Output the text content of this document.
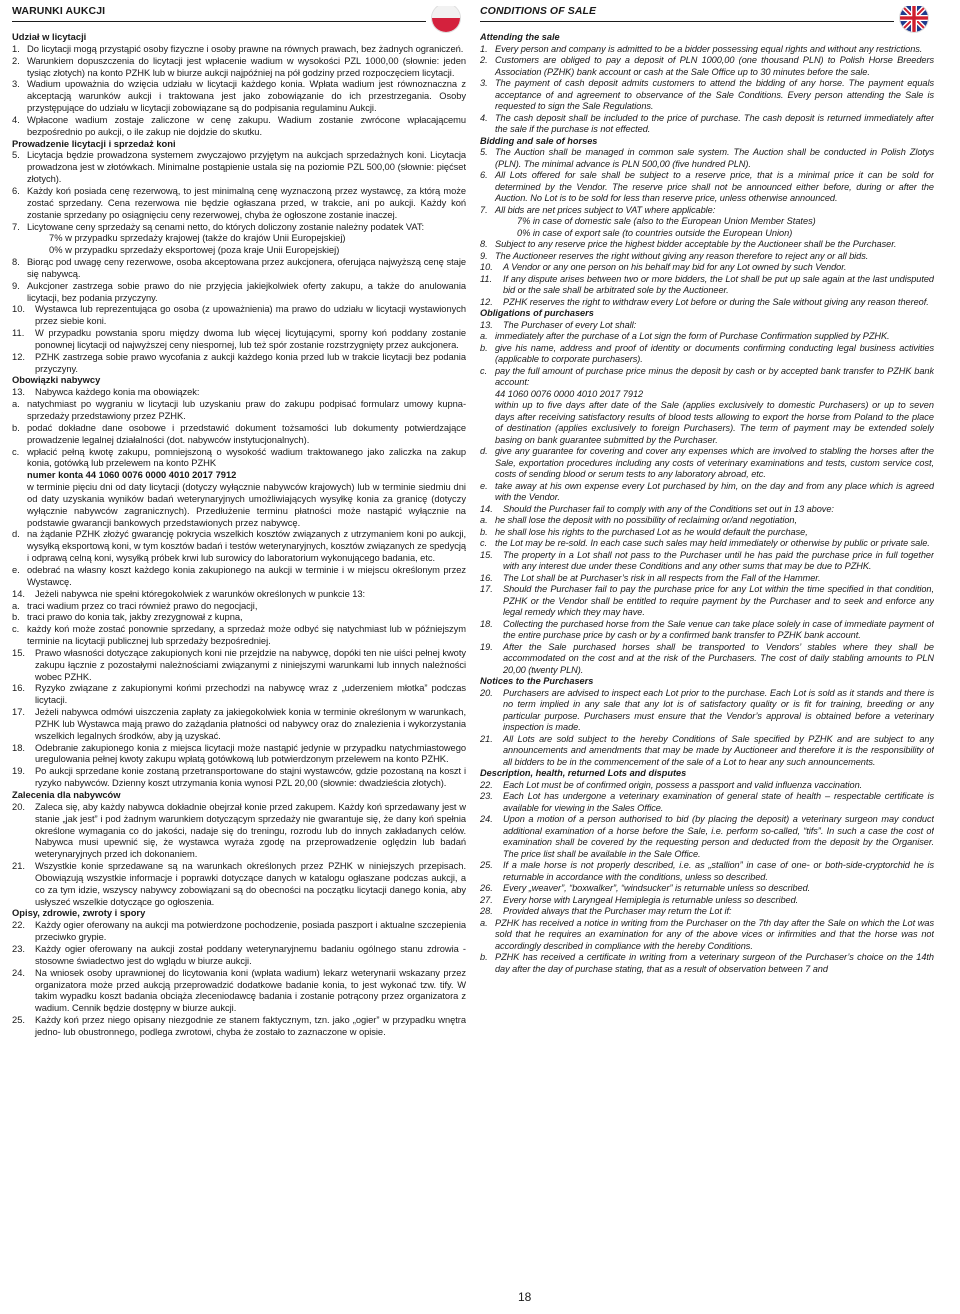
WARUNKI AUKCJI

Udział w licytacji

1. Do licytacji mogą przystąpić osoby fizyczne i osoby prawne na równych prawach, bez żadnych ograniczeń.
2. Warunkiem dopuszczenia do licytacji jest wpłacenie wadium w wysokości PZL 1000,00 (słownie: jeden tysiąc złotych) na konto PZHK lub w biurze aukcji najpóźniej na pół godziny przed rozpoczęciem licytacji.
3. Wadium upoważnia do wzięcia udziału w licytacji każdego konia. Wpłata wadium jest równoznaczna z akceptacją warunków aukcji i traktowana jest jako zobowiązanie do ich przestrzegania. Osoby przystępujące do udziału w licytacji zobowiązane są do podpisania regulaminu Aukcji.
4. Wpłacone wadium zostaje zaliczone w cenę zakupu. Wadium zostanie zwrócone wpłacającemu bezpośrednio po aukcji, o ile zakup nie dojdzie do skutku.

Prowadzenie licytacji i sprzedaż koni

5. Licytacja będzie prowadzona systemem zwyczajowo przyjętym na aukcjach sprzedażnych koni. Licytacja prowadzona jest w złotówkach. Minimalne postąpienie ustala się na poziomie PZL 500,00 (słownie: pięćset złotych).
6. Każdy koń posiada cenę rezerwową, to jest minimalną cenę wyznaczoną przez wystawcę, za którą może zostać sprzedany. Cena rezerwowa nie będzie ogłaszana przed, w trakcie, ani po aukcji. Każdy koń zostanie sprzedany po osiągnięciu ceny rezerwowej, chyba że ogłoszone zostanie inaczej.
7. Licytowane ceny sprzedaży są cenami netto, do których doliczony zostanie należny podatek VAT:

7% w przypadku sprzedaży krajowej (także do krajów Unii Europejskiej)

0% w przypadku sprzedaży eksportowej (poza kraje Unii Europejskiej)

8. Biorąc pod uwagę ceny rezerwowe, osoba akceptowana przez aukcjonera, oferująca najwyższą cenę staje się nabywcą.
9. Aukcjoner zastrzega sobie prawo do nie przyjęcia jakiejkolwiek oferty zakupu, a także do anulowania licytacji, bez podania przyczyny.
10.	Wystawca lub reprezentująca go osoba (z upoważnienia) ma prawo do udziału w licytacji wystawionych przez siebie koni.
11.	W przypadku powstania sporu między dwoma lub więcej licytującymi, sporny koń poddany zostanie ponownej licytacji od najwyższej ceny niespornej, lub też spór zostanie rozstrzygnięty przez aukcjonera.
12.	PZHK zastrzega sobie prawo wycofania z aukcji każdego konia przed lub w trakcie licytacji bez podania przyczyny.

Obowiązki nabywcy

13.	Nabywca każdego konia ma obowiązek:
a. natychmiast po wygraniu w licytacji lub uzyskaniu praw do zakupu podpisać formularz umowy kupna-sprzedaży przedstawiony przez PZHK.
b. podać dokładne dane osobowe i przedstawić dokument tożsamości lub dokumenty potwierdzające prowadzenie legalnej działalności (dot. nabywców instytucjonalnych).
c. wpłacić pełną kwotę zakupu, pomniejszoną o wysokość wadium traktowanego jako zaliczka na zakup konia, gotówką lub przelewem na konto PZHK

numer konta 44 1060 0076 0000 4010 2017 7912

w terminie pięciu dni od daty licytacji (dotyczy wyłącznie nabywców krajowych) lub w terminie siedmiu dni od daty uzyskania wyników badań weterynaryjnych umożliwiających wysyłkę konia za granicę (dotyczy wyłącznie nabywców zagranicznych). Przedłużenie terminu płatności może nastąpić wyłącznie na podstawie gwarancji bankowych przedstawionych przez nabywcę.

d. na żądanie PZHK złożyć gwarancję pokrycia wszelkich kosztów związanych z utrzymaniem koni po aukcji, wysyłką eksportową koni, w tym kosztów badań i testów weterynaryjnych, kosztów związanych ze spedycją i odprawą celną koni, wysyłką próbek krwi lub surowicy do laboratorium wykonującego badania, etc.
e. odebrać na własny koszt każdego konia zakupionego na aukcji w terminie i w miejscu określonym przez Wystawcę.
14.	Jeżeli nabywca nie spełni któregokolwiek z warunków określonych w punkcie 13:
a. traci wadium przez co traci również prawo do negocjacji,
b. traci prawo do konia tak, jakby zrezygnował z kupna,
c. każdy koń może zostać ponownie sprzedany, a sprzedaż może odbyć się natychmiast lub w późniejszym terminie na licytacji publicznej lub sprzedaży bezpośredniej.
15.	Prawo własności dotyczące zakupionych koni nie przejdzie na nabywcę, dopóki ten nie uiści pełnej kwoty zakupu łącznie z pozostałymi należnościami związanymi z niniejszymi warunkami lub innych należności wobec PZHK.
16.	Ryzyko związane z zakupionymi końmi przechodzi na nabywcę wraz z „uderzeniem młotka” podczas licytacji.
17.	Jeżeli nabywca odmówi uiszczenia zapłaty za jakiegokolwiek konia w terminie określonym w warunkach, PZHK lub Wystawca mają prawo do zażądania płatności od nabywcy oraz do znalezienia i wykorzystania wszelkich legalnych środków, aby ją uzyskać.
18.	Odebranie zakupionego konia z miejsca licytacji może nastąpić jedynie w przypadku natychmiastowego uregulowania pełnej kwoty zakupu wpłatą gotówkową lub potwierdzonym przelewem na konto PZHK.
19.	Po aukcji sprzedane konie zostaną przetransportowane do stajni wystawców, gdzie pozostaną na koszt i ryzyko nabywców. Dzienny koszt utrzymania konia wynosi PZL 20,00 (słownie: dwadzieścia złotych).

Zalecenia dla nabywców

20.	Zaleca się, aby każdy nabywca dokładnie obejrzał konie przed zakupem. Każdy koń sprzedawany jest w stanie „jak jest” i pod żadnym warunkiem dotyczącym sprzedaży nie gwarantuje się, że dany koń spełnia określone wymagania co do jakości, nadaje się do treningu, rozrodu lub do innych zakładanych celów. Nabywca musi upewnić się, że wystawca wyraża zgodę na przeprowadzenie oględzin lub badań weterynaryjnych przed ich dokonaniem.
21.	Wszystkie konie sprzedawane są na warunkach określonych przez PZHK w niniejszych przepisach. Obowiązują wszystkie informacje i poprawki dotyczące danych w katalogu ogłaszane podczas aukcji, a co za tym idzie, wszyscy nabywcy zobowiązani są do obecności na początku licytacji danego konia, aby usłyszeć wszelkie dotyczące go ogłoszenia.

Opisy, zdrowie, zwroty i spory

22.	Każdy ogier oferowany na aukcji ma potwierdzone pochodzenie, posiada paszport i aktualne szczepienia przeciwko grypie.
23.	Każdy ogier oferowany na aukcji został poddany weterynaryjnemu badaniu ogólnego stanu zdrowia - stosowne świadectwo jest do wglądu w biurze aukcji.
24.	Na wniosek osoby uprawnionej do licytowania koni (wpłata wadium) lekarz weterynarii wskazany przez organizatora może przed aukcją przeprowadzić dodatkowe badanie konia, to jest wykonać tzw. tify. W takim wypadku koszt badania obciąża zleceniodawcę badania i zostanie potrącony przez organizatora z wadium. Cennik będzie dostępny w biurze aukcji.
25.	Każdy koń przez niego opisany niezgodnie ze stanem faktycznym, tzn. jako „ogier” w przypadku wnętra jedno- lub obustronnego, podlega zwrotowi, chyba że zostało to zaznaczone w opisie.
CONDITIONS OF SALE

Attending the sale

1. Every person and company is admitted to be a bidder possessing equal rights and without any restrictions.
2. Customers are obliged to pay a deposit of PLN 1000,00 (one thousand PLN) to Polish Horse Breeders Association (PZHK) bank account or cash at the Sale Office up to 30 minutes before the sale.
3. The payment of cash deposit admits customers to attend the bidding of any horse. The payment equals acceptance of and agreement to observance of the Sale Conditions. Every person attending the Sale is requested to sign the Sale Regulations.
4. The cash deposit shall be included to the price of purchase. The cash deposit is returned immediately after the sale if the purchase is not effected.

Bidding and sale of horses

5. The Auction shall be managed in common sale system. The Auction shall be conducted in Polish Zlotys (PLN). The minimal advance is PLN 500,00 (five hundred PLN).
6. All Lots offered for sale shall be subject to a reserve price, that is a minimal price it can be sold for determined by the Vendor. The reserve price shall not be announced either before, during or after the Auction. No Lot is to be sold for less than reserve price, unless otherwise announced.
7. All bids are net prices subject to VAT where applicable:

7% in case of domestic sale (also to the European Union Member States)

0% in case of export sale (to countries outside the European Union)

8. Subject to any reserve price the highest bidder acceptable by the Auctioneer shall be the Purchaser.
9. The Auctioneer reserves the right without giving any reason therefore to reject any or all bids.
10.	A Vendor or any one person on his behalf may bid for any Lot owned by such Vendor.
11.	If any dispute arises between two or more bidders, the Lot shall be put up sale again at the last undisputed bid or the sale shall be arbitrated sole by the Auctioneer.
12.	PZHK reserves the right to withdraw every Lot before or during the Sale without giving any reason thereof.

Obligations of purchasers

13.	The Purchaser of every Lot shall:
a. immediately after the purchase of a Lot sign the form of Purchase Confirmation supplied by PZHK.
b. give his name, address and proof of identity or documents confirming conducting legal business activities (applicable to corporate purchasers).
c. pay the full amount of purchase price minus the deposit by cash or by accepted bank transfer to PZHK bank account:

44 1060 0076 0000 4010 2017 7912

within up to five days after date of the Sale (applies exclusively to domestic Purchasers) or up to seven days after receiving satisfactory results of blood tests allowing to export the horse from Poland to the place of destination (applies exclusively to foreign Purchasers). The term of payment may be extended solely basing on bank guarantee submitted by the Purchaser.

d. give any guarantee for covering and cover any expenses which are involved to stabling the horses after the Sale, exportation procedures including any costs of veterinary examinations and tests, custom service cost, costs of sending blood or serum tests to any laboratory abroad, etc.
e. take away at his own expense every Lot purchased by him, on the day and from any place which is agreed with the Vendor.
14.	Should the Purchaser fail to comply with any of the Conditions set out in 13 above:
a. he shall lose the deposit with no possibility of reclaiming or/and negotiation,
b. he shall lose his rights to the purchased Lot as he would default the purchase,
c. the Lot may be re-sold. In each case such sales may held immediately or otherwise by public or private sale.
15.	The property in a Lot shall not pass to the Purchaser until he has paid the purchase price in full together with any interest due under these Conditions and any other sums that may be due to PZHK.
16.	The Lot shall be at Purchaser’s risk in all respects from the Fall of the Hammer.
17.	Should the Purchaser fail to pay the purchase price for any Lot within the time specified in that condition, PZHK or the Vendor shall be entitled to require payment by the Purchaser and to seek and enforce any legal remedy which they may have.
18.	Collecting the purchased horse from the Sale venue can take place solely in case of immediate payment of the entire purchase price by cash or by a confirmed bank transfer to PZHK bank account.
19.	After the Sale purchased horses shall be transported to Vendors’ stables where they shall be accommodated on the cost and at the risk of the Purchasers. The cost of daily stabling amounts to PLN 20,00 (twenty PLN).

Notices to the Purchasers

20.	Purchasers are advised to inspect each Lot prior to the purchase. Each Lot is sold as it stands and there is no term implied in any sale that any lot is of satisfactory quality or is fit for training, breeding or any particular purpose. Purchasers must ensure that the Vendor’s approval is obtained before a veterinary inspection is made.
21.	All Lots are sold subject to the hereby Conditions of Sale specified by PZHK and are subject to any announcements and amendments that may be made by Auctioneer and therefore it is the responsibility of all bidders to be in the commencement of the sale of a Lot to hear any such announcements.

Description, health, returned Lots and disputes

22.	Each Lot must be of confirmed origin, possess a passport and valid influenza vaccination.
23.	Each Lot has undergone a veterinary examination of general state of health – respectable certificate is available for viewing in the Sales Office.
24.	Upon a motion of a person authorised to bid (by placing the deposit) a veterinary surgeon may conduct additional examination of a horse before the Sale, i.e. perform so-called, “tifs”. In such a case the cost of examination shall be covered by the requesting person and deducted from the deposit by the Organiser. The price list shall be available in the Sale Office.
25.	If a male horse is not properly described, i.e. as „stallion” in case of one- or both-side-cryptorchid he is returnable in accordance with the conditions, unless so described.
26.	Every „weaver”, “boxwalker”, “windsucker” is returnable unless so described.
27.	Every horse with Laryngeal Hemiplegia is returnable unless so described.
28.	Provided always that the Purchaser may return the Lot if:
a. PZHK has received a notice in writing from the Purchaser on the 7th day after the Sale on which the Lot was sold that he requires an examination for any of the above vices or infirmities and that the horse was not accordingly described in compliance with the hereby Conditions.
b. PZHK has received a certificate in writing from a veterinary surgeon of the Purchaser’s choice on the 14th day after the day of purchase stating, that as a result of observation between 7 and
18
